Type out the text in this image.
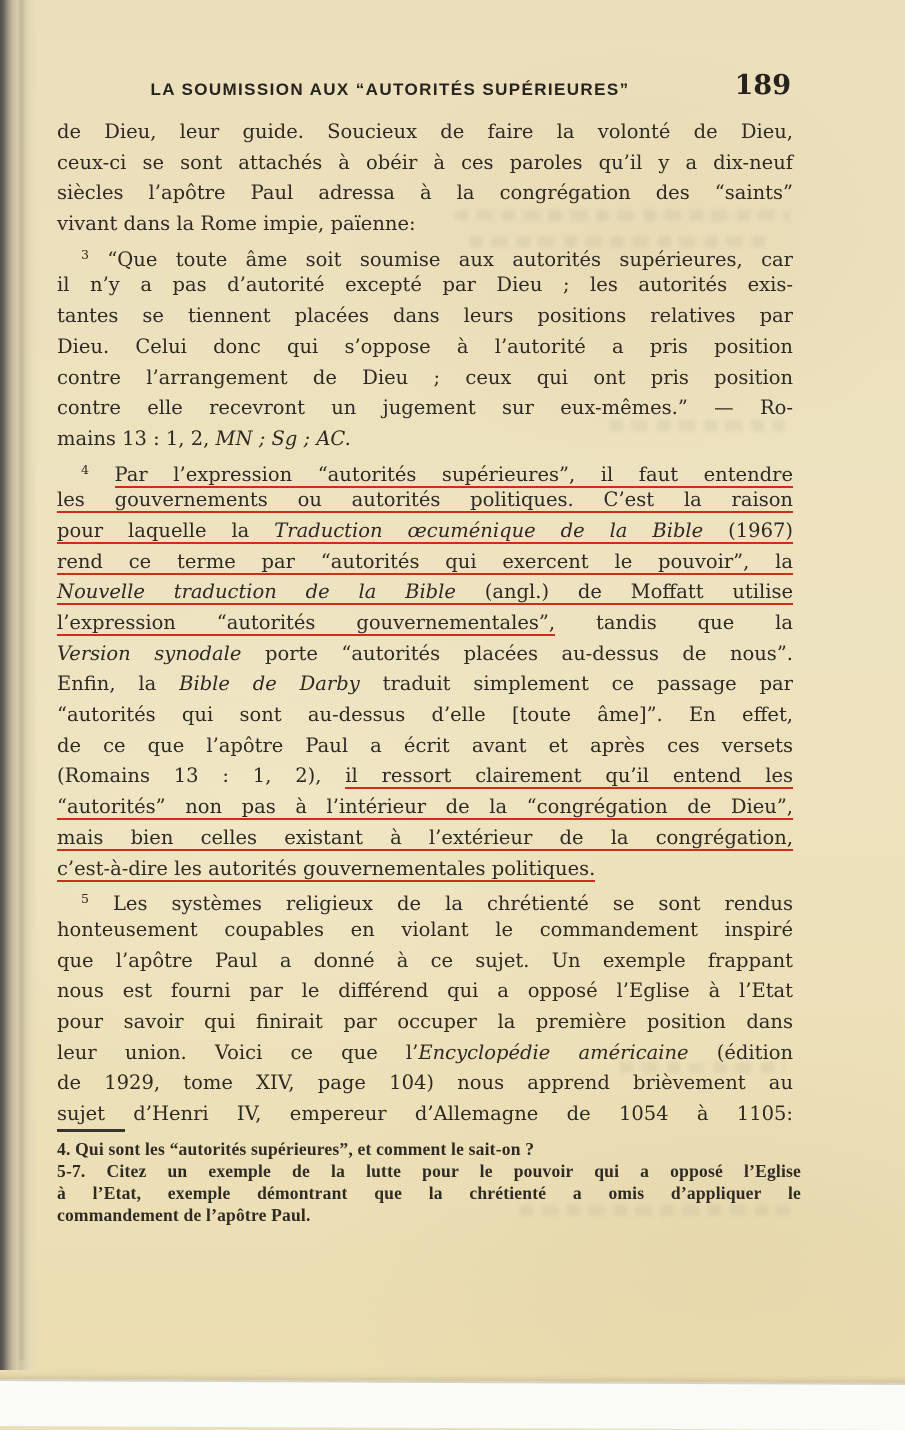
LA SOUMISSION AUX “AUTORITÉS SUPÉRIEURES”	189
de Dieu, leur guide. Soucieux de faire la volonté de Dieu,
ceux-ci se sont attachés à obéir à ces paroles qu’il y a dix-neuf
siècles l’apôtre Paul adressa à la congrégation des “saints”
vivant dans la Rome impie, païenne:
$^3$ “Que toute âme soit soumise aux autorités supérieures, car
il n’y a pas d’autorité excepté par Dieu ; les autorités exis-
tantes se tiennent placées dans leurs positions relatives par
Dieu. Celui donc qui s’oppose à l’autorité a pris position
contre l’arrangement de Dieu ; ceux qui ont pris position
contre elle recevront un jugement sur eux-mêmes.” — Ro-
mains 13 : 1, 2, MN ; Sg ; AC.
$^4$ Par l’expression “autorités supérieures”, il faut entendre
les gouvernements ou autorités politiques. C’est la raison
pour laquelle la Traduction œcuménique de la Bible (1967)
rend ce terme par “autorités qui exercent le pouvoir”, la
Nouvelle traduction de la Bible (angl.) de Moffatt utilise
l’expression “autorités gouvernementales”, tandis que la
Version synodale porte “autorités placées au-dessus de nous”.
Enfin, la Bible de Darby traduit simplement ce passage par
“autorités qui sont au-dessus d’elle [toute âme]”. En effet,
de ce que l’apôtre Paul a écrit avant et après ces versets
(Romains 13 : 1, 2), il ressort clairement qu’il entend les
“autorités” non pas à l’intérieur de la “congrégation de Dieu”,
mais bien celles existant à l’extérieur de la congrégation,
c’est-à-dire les autorités gouvernementales politiques.
$^5$ Les systèmes religieux de la chrétienté se sont rendus
honteusement coupables en violant le commandement inspiré
que l’apôtre Paul a donné à ce sujet. Un exemple frappant
nous est fourni par le différend qui a opposé l’Eglise à l’Etat
pour savoir qui finirait par occuper la première position dans
leur union. Voici ce que l’Encyclopédie américaine (édition
de 1929, tome XIV, page 104) nous apprend brièvement au
sujet d’Henri IV, empereur d’Allemagne de 1054 à 1105:
4. Qui sont les “autorités supérieures”, et comment le sait-on ?
5-7. Citez un exemple de la lutte pour le pouvoir qui a opposé l’Eglise
à l’Etat, exemple démontrant que la chrétienté a omis d’appliquer le
commandement de l’apôtre Paul.
